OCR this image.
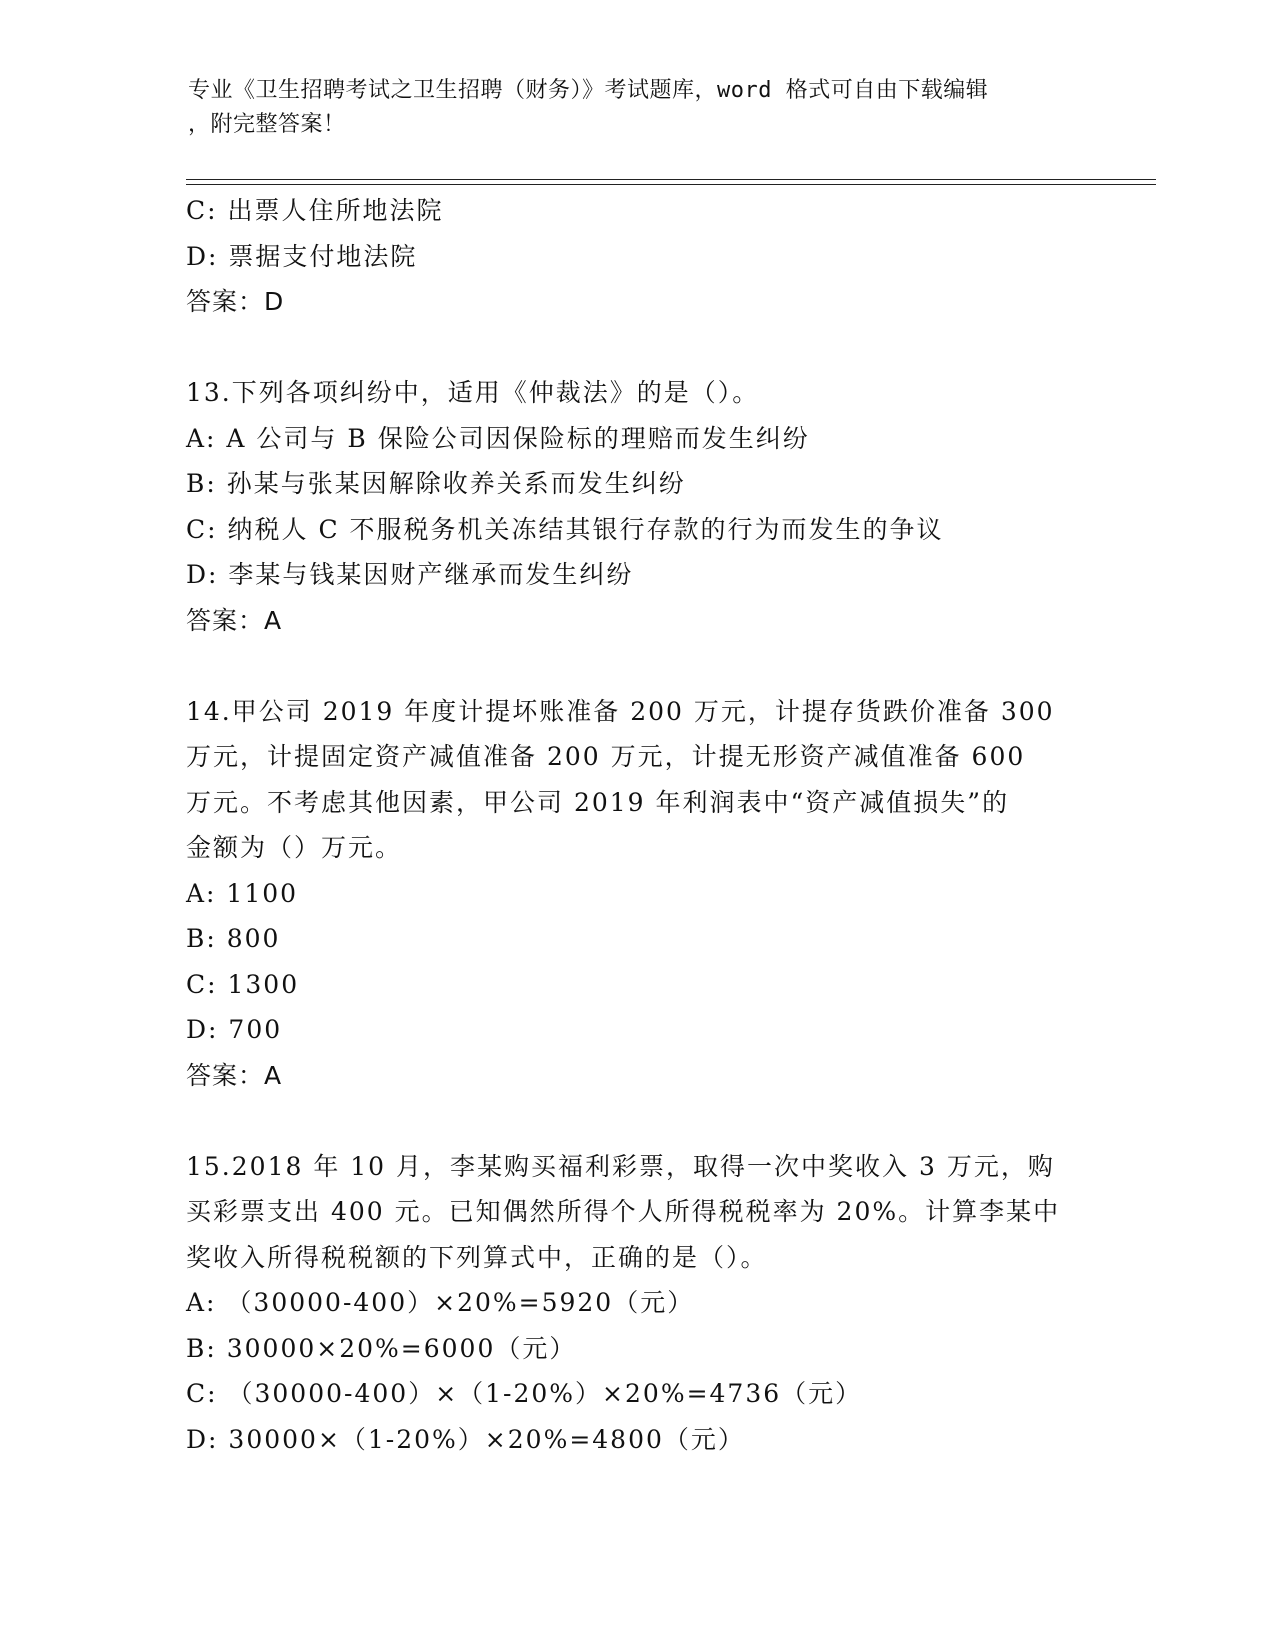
专业《卫生招聘考试之卫生招聘（财务）》考试题库，word 格式可自由下载编辑
，附完整答案！
C: 出票人住所地法院
D: 票据支付地法院
答案：D
13.下列各项纠纷中，适用《仲裁法》的是（）。
A: A 公司与 B 保险公司因保险标的理赔而发生纠纷
B: 孙某与张某因解除收养关系而发生纠纷
C: 纳税人 C 不服税务机关冻结其银行存款的行为而发生的争议
D: 李某与钱某因财产继承而发生纠纷
答案：A
14.甲公司 2019 年度计提坏账准备 200 万元，计提存货跌价准备 300
万元，计提固定资产减值准备 200 万元，计提无形资产减值准备 600
万元。不考虑其他因素，甲公司 2019 年利润表中“资产减值损失”的
金额为（）万元。
A: 1100
B: 800
C: 1300
D: 700
答案：A
15.2018 年 10 月，李某购买福利彩票，取得一次中奖收入 3 万元，购
买彩票支出 400 元。已知偶然所得个人所得税税率为 20%。计算李某中
奖收入所得税税额的下列算式中，正确的是（）。
A: （30000-400）×20%=5920（元）
B: 30000×20%=6000（元）
C: （30000-400）×（1-20%）×20%=4736（元）
D: 30000×（1-20%）×20%=4800（元）
